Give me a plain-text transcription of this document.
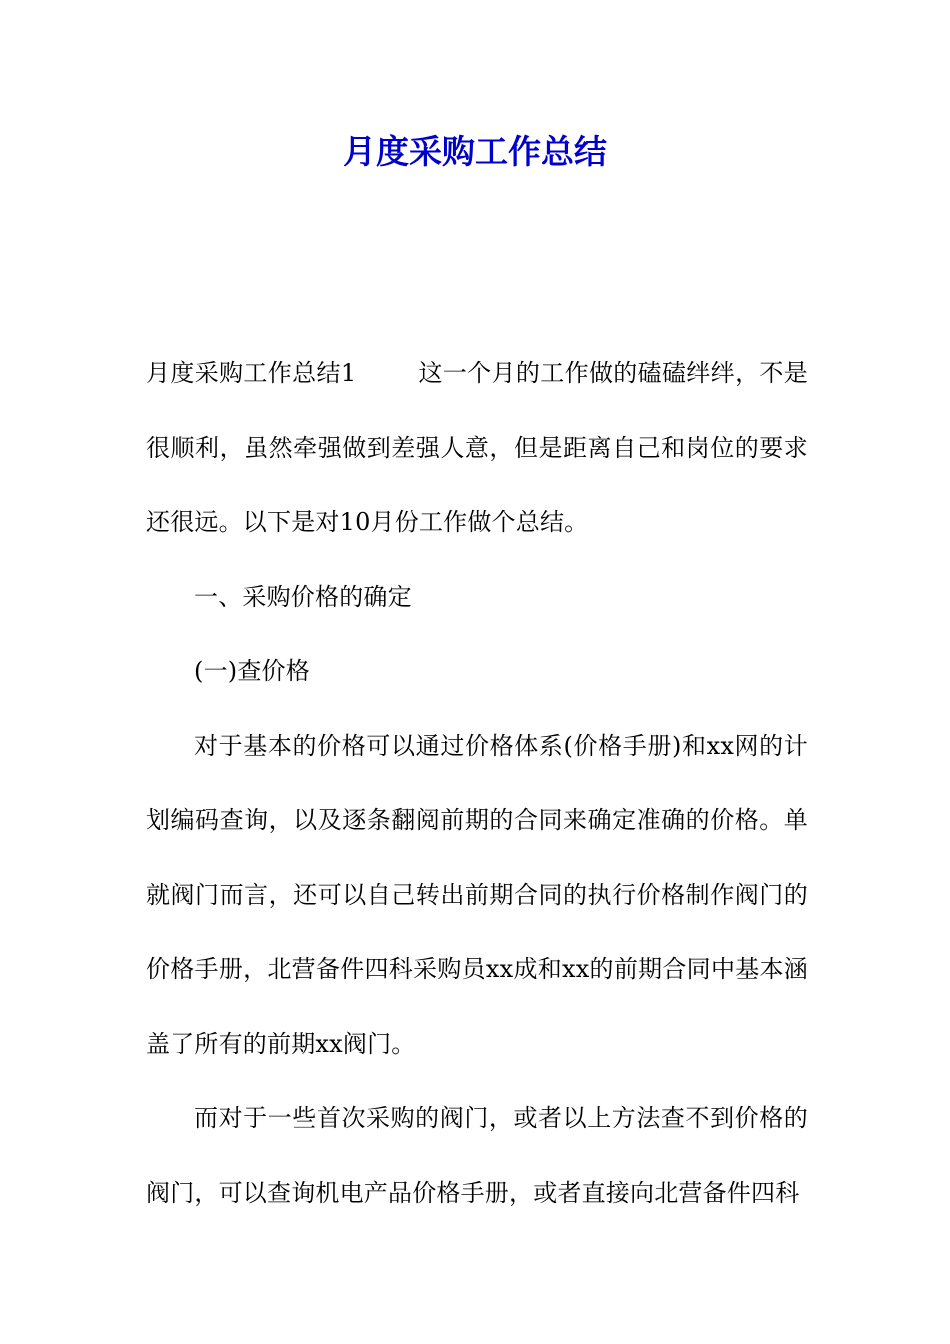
月度采购工作总结

月度采购工作总结1	这一个月的工作做的磕磕绊绊，不是很顺利，虽然牵强做到差强人意，但是距离自己和岗位的要求还很远。以下是对10月份工作做个总结。

一、采购价格的确定

(一)查价格

对于基本的价格可以通过价格体系(价格手册)和xx网的计划编码查询，以及逐条翻阅前期的合同来确定准确的价格。单就阀门而言，还可以自己转出前期合同的执行价格制作阀门的价格手册，北营备件四科采购员xx成和xx的前期合同中基本涵盖了所有的前期xx阀门。

而对于一些首次采购的阀门，或者以上方法查不到价格的阀门，可以查询机电产品价格手册，或者直接向北营备件四科
